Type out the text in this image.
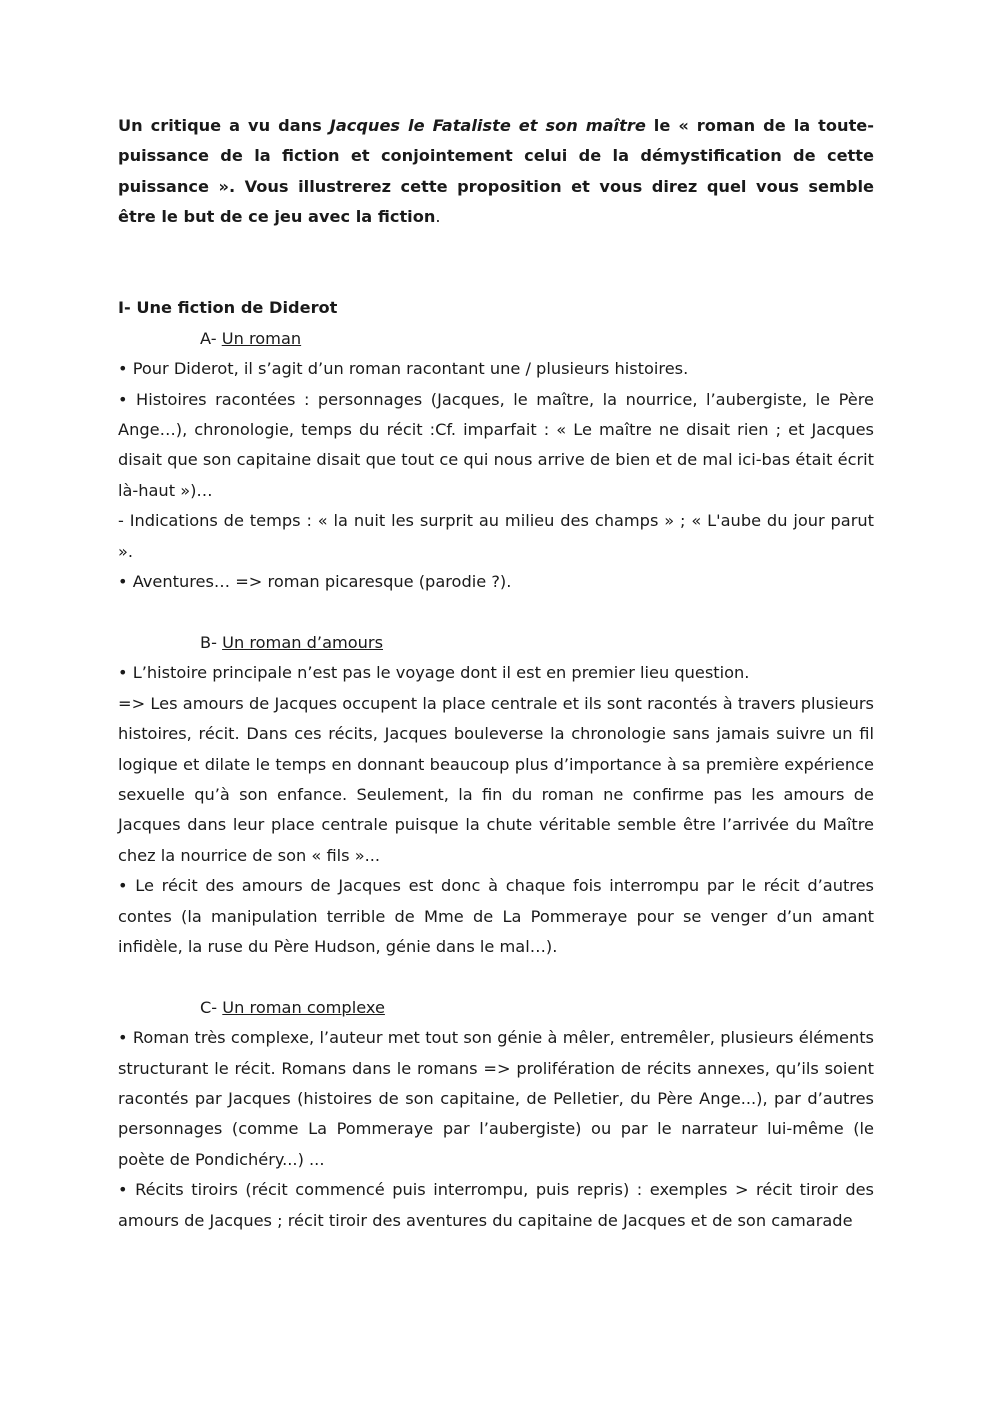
Un critique a vu dans Jacques le Fataliste et son maître le « roman de la toute-puissance de la fiction et conjointement celui de la démystification de cette puissance ». Vous illustrerez cette proposition et vous direz quel vous semble être le but de ce jeu avec la fiction.

I- Une fiction de Diderot

A- Un roman

• Pour Diderot, il s’agit d’un roman racontant une / plusieurs histoires.

• Histoires racontées : personnages (Jacques, le maître, la nourrice, l’aubergiste, le Père Ange…), chronologie, temps du récit :Cf. imparfait : « Le maître ne disait rien ; et Jacques disait que son capitaine disait que tout ce qui nous arrive de bien et de mal ici-bas était écrit là-haut »)…

- Indications de temps : « la nuit les surprit au milieu des champs » ; « L'aube du jour parut ».

• Aventures… => roman picaresque (parodie ?).

B- Un roman d’amours

• L’histoire principale n’est pas le voyage dont il est en premier lieu question.

=> Les amours de Jacques occupent la place centrale et ils sont racontés à travers plusieurs histoires, récit. Dans ces récits, Jacques bouleverse la chronologie sans jamais suivre un fil logique et dilate le temps en donnant beaucoup plus d’importance à sa première expérience sexuelle qu’à son enfance. Seulement, la fin du roman ne confirme pas les amours de Jacques dans leur place centrale puisque la chute véritable semble être l’arrivée du Maître chez la nourrice de son « fils »...

• Le récit des amours de Jacques est donc à chaque fois interrompu par le récit d’autres contes (la manipulation terrible de Mme de La Pommeraye pour se venger d’un amant infidèle, la ruse du Père Hudson, génie dans le mal…).

C- Un roman complexe

• Roman très complexe, l’auteur met tout son génie à mêler, entremêler, plusieurs éléments structurant le récit. Romans dans le romans => prolifération de récits annexes, qu’ils soient racontés par Jacques (histoires de son capitaine, de Pelletier, du Père Ange...), par d’autres personnages (comme La Pommeraye par l’aubergiste) ou par le narrateur lui-même (le poète de Pondichéry...) ...

• Récits tiroirs (récit commencé puis interrompu, puis repris) : exemples > récit tiroir des amours de Jacques ; récit tiroir des aventures du capitaine de Jacques et de son camarade
